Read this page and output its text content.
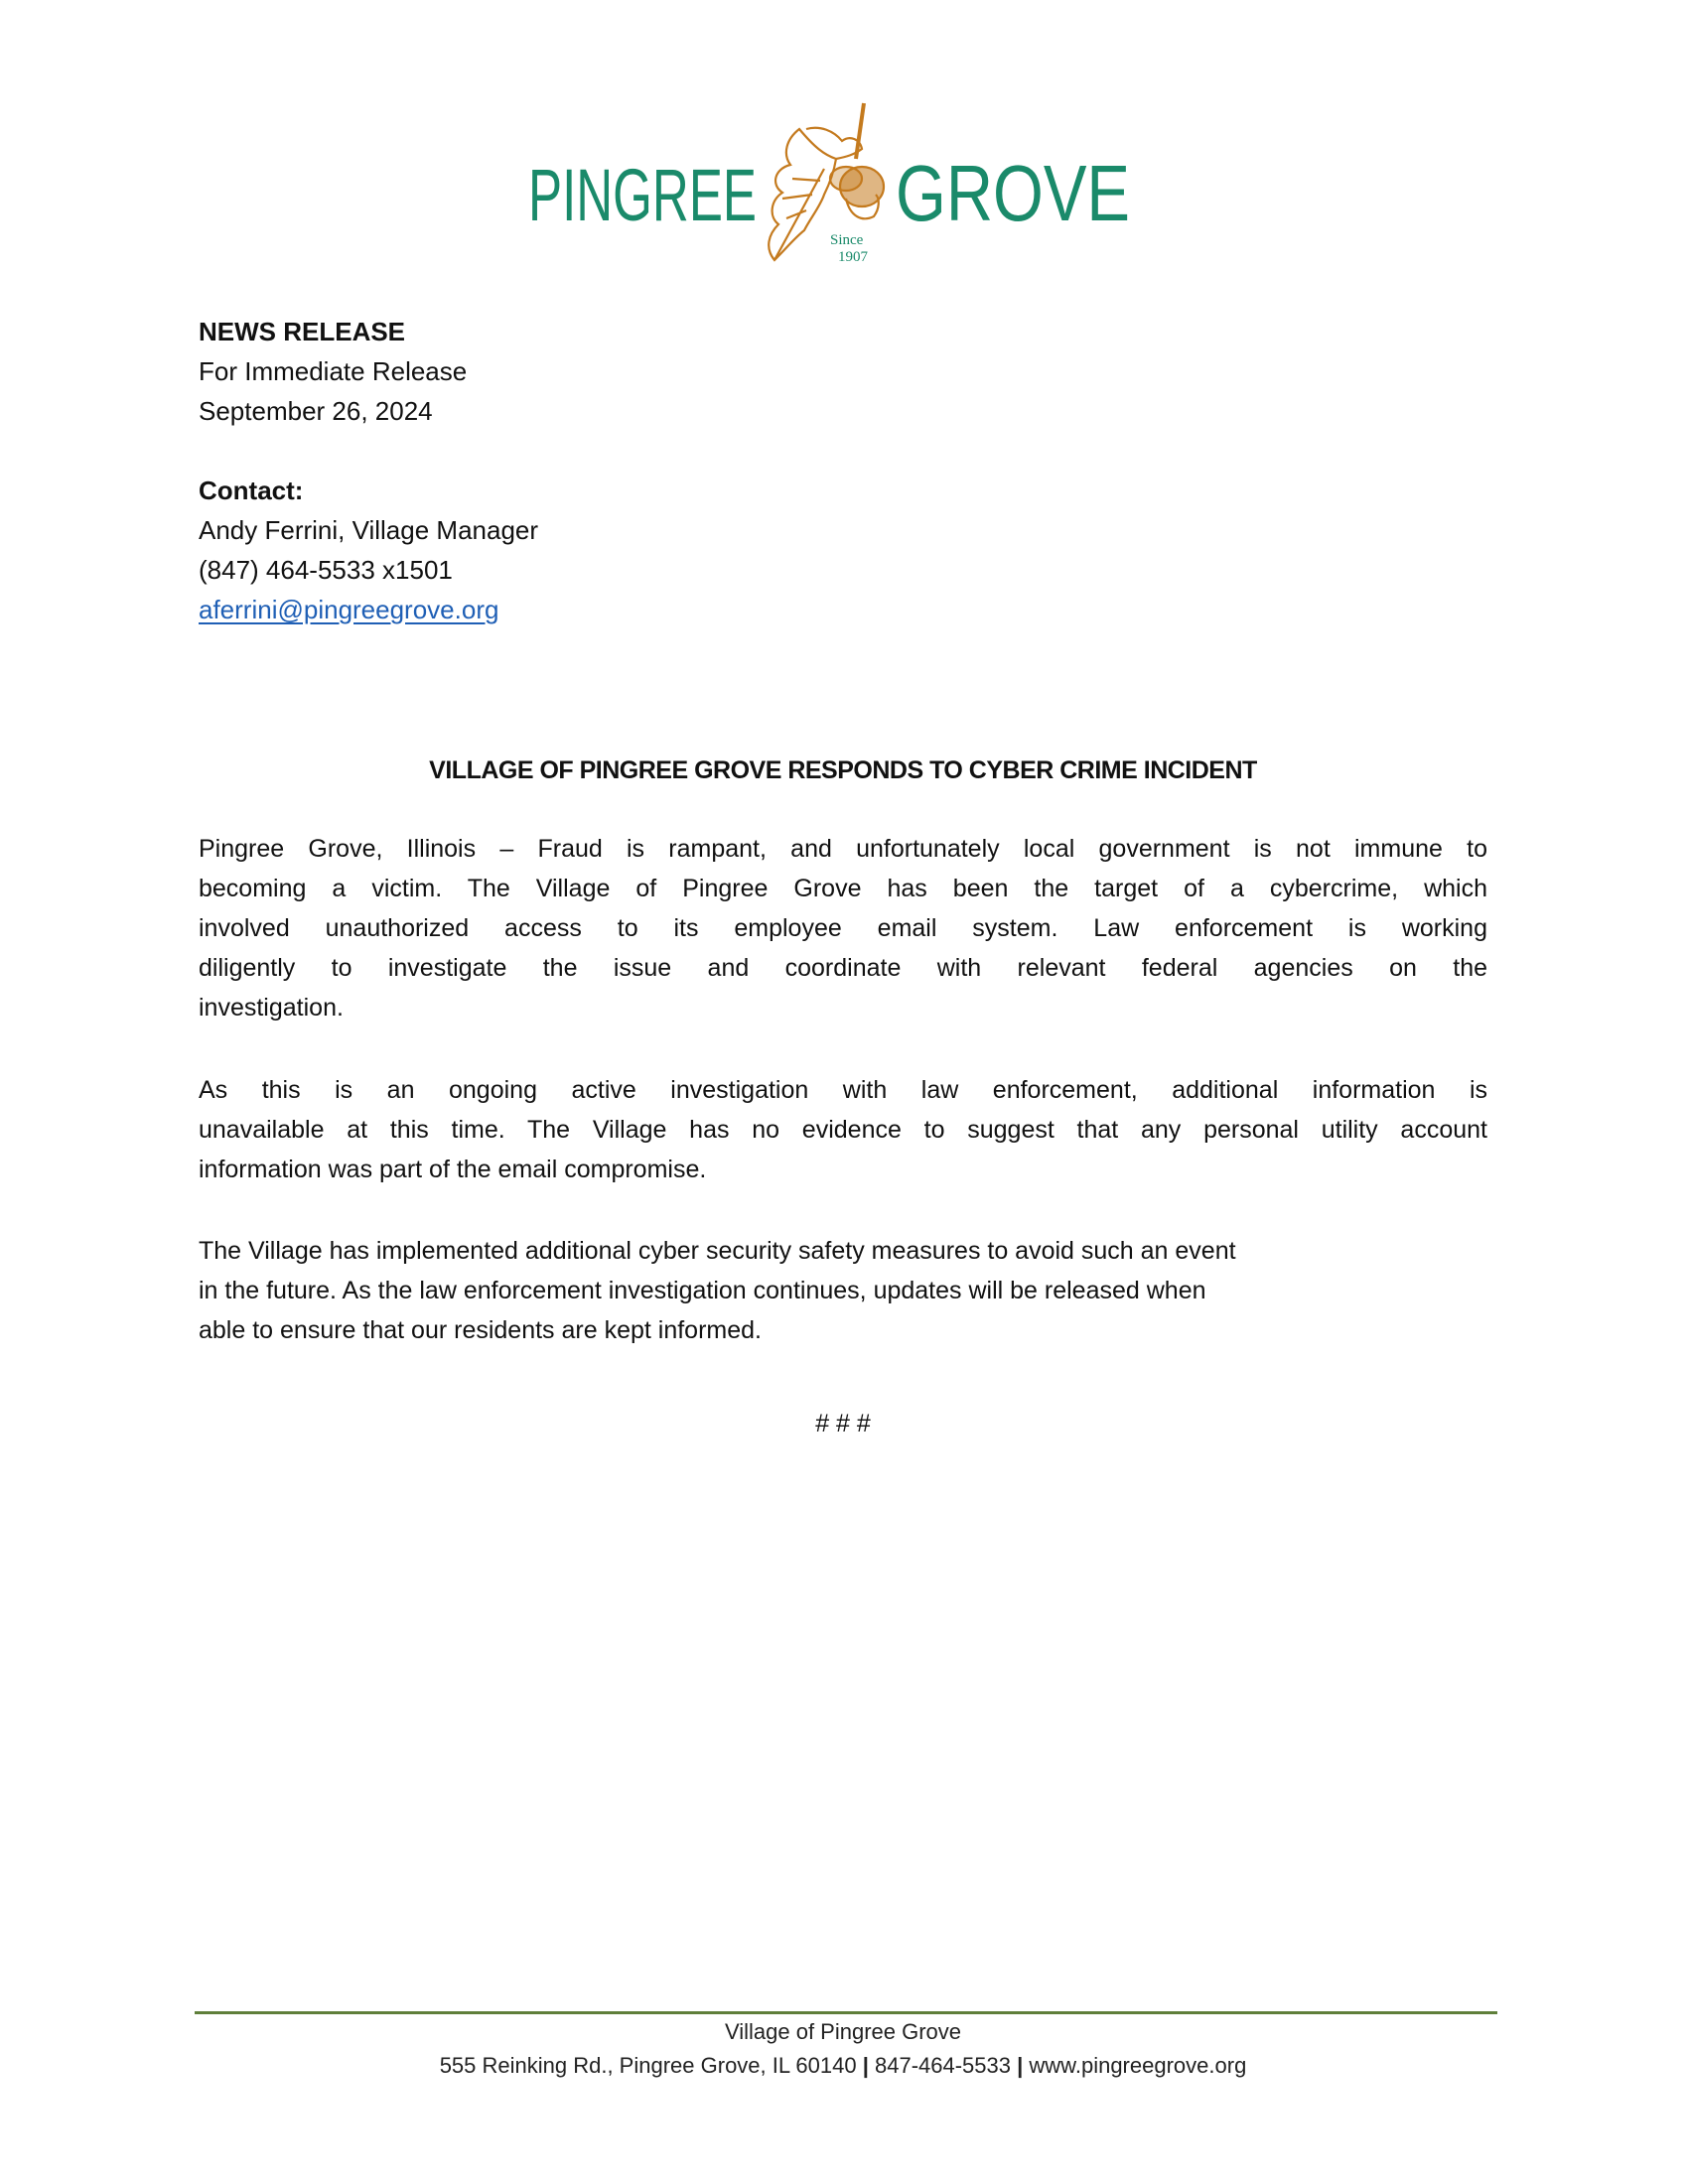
PINGREE
Since
1907
GROVE
NEWS RELEASE
For Immediate Release
September 26, 2024
Contact:
Andy Ferrini, Village Manager
(847) 464-5533 x1501
aferrini@pingreegrove.org
VILLAGE OF PINGREE GROVE RESPONDS TO CYBER CRIME INCIDENT
Pingree Grove, Illinois – Fraud is rampant, and unfortunately local government is not immune to
becoming a victim. The Village of Pingree Grove has been the target of a cybercrime, which
involved unauthorized access to its employee email system. Law enforcement is working
diligently to investigate the issue and coordinate with relevant federal agencies on the
investigation.
As this is an ongoing active investigation with law enforcement, additional information is
unavailable at this time. The Village has no evidence to suggest that any personal utility account
information was part of the email compromise.
The Village has implemented additional cyber security safety measures to avoid such an event
in the future. As the law enforcement investigation continues, updates will be released when
able to ensure that our residents are kept informed.
# # #
Village of Pingree Grove
555 Reinking Rd., Pingree Grove, IL 60140 | 847-464-5533 | www.pingreegrove.org
